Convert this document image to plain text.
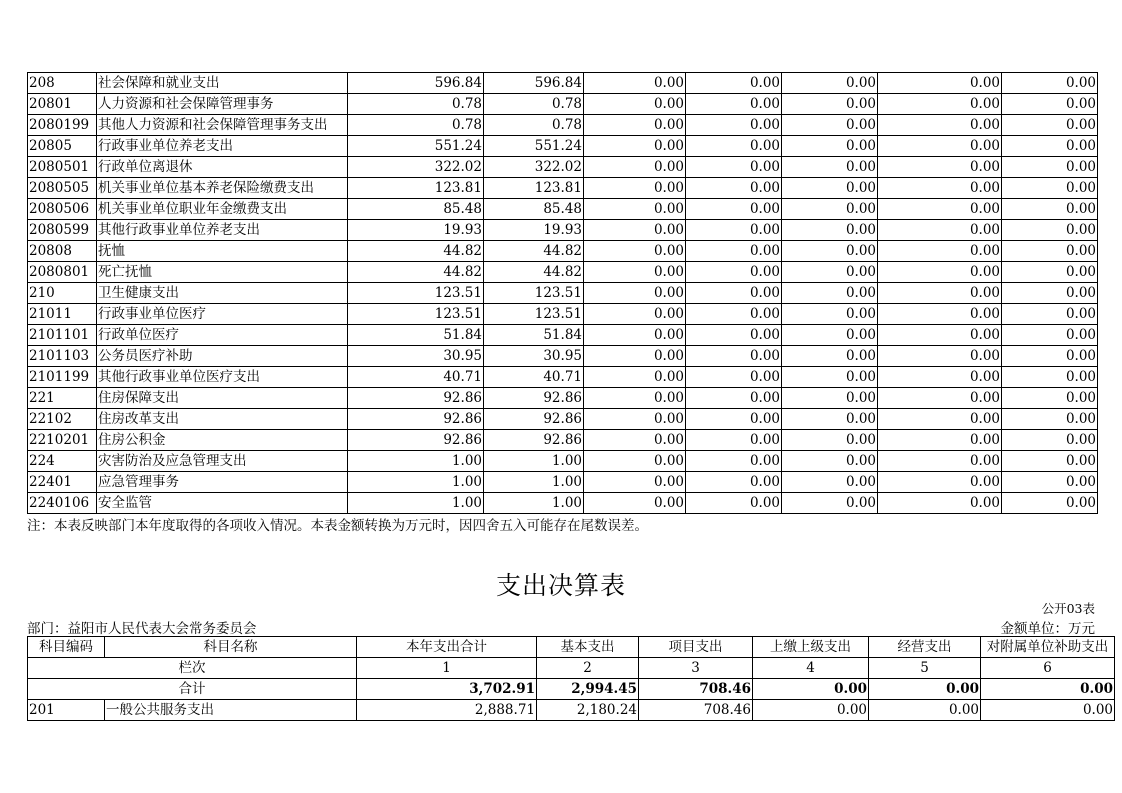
208	社会保障和就业支出	596.84	596.84	0.00	0.00	0.00	0.00	0.00
20801	人力资源和社会保障管理事务	0.78	0.78	0.00	0.00	0.00	0.00	0.00
2080199	其他人力资源和社会保障管理事务支出	0.78	0.78	0.00	0.00	0.00	0.00	0.00
20805	行政事业单位养老支出	551.24	551.24	0.00	0.00	0.00	0.00	0.00
2080501	行政单位离退休	322.02	322.02	0.00	0.00	0.00	0.00	0.00
2080505	机关事业单位基本养老保险缴费支出	123.81	123.81	0.00	0.00	0.00	0.00	0.00
2080506	机关事业单位职业年金缴费支出	85.48	85.48	0.00	0.00	0.00	0.00	0.00
2080599	其他行政事业单位养老支出	19.93	19.93	0.00	0.00	0.00	0.00	0.00
20808	抚恤	44.82	44.82	0.00	0.00	0.00	0.00	0.00
2080801	死亡抚恤	44.82	44.82	0.00	0.00	0.00	0.00	0.00
210	卫生健康支出	123.51	123.51	0.00	0.00	0.00	0.00	0.00
21011	行政事业单位医疗	123.51	123.51	0.00	0.00	0.00	0.00	0.00
2101101	行政单位医疗	51.84	51.84	0.00	0.00	0.00	0.00	0.00
2101103	公务员医疗补助	30.95	30.95	0.00	0.00	0.00	0.00	0.00
2101199	其他行政事业单位医疗支出	40.71	40.71	0.00	0.00	0.00	0.00	0.00
221	住房保障支出	92.86	92.86	0.00	0.00	0.00	0.00	0.00
22102	住房改革支出	92.86	92.86	0.00	0.00	0.00	0.00	0.00
2210201	住房公积金	92.86	92.86	0.00	0.00	0.00	0.00	0.00
224	灾害防治及应急管理支出	1.00	1.00	0.00	0.00	0.00	0.00	0.00
22401	应急管理事务	1.00	1.00	0.00	0.00	0.00	0.00	0.00
2240106	安全监管	1.00	1.00	0.00	0.00	0.00	0.00	0.00
注：本表反映部门本年度取得的各项收入情况。本表金额转换为万元时，因四舍五入可能存在尾数误差。
支出决算表
公开03表
部门：益阳市人民代表大会常务委员会	金额单位：万元
科目编码	科目名称	本年支出合计	基本支出	项目支出	上缴上级支出	经营支出	对附属单位补助支出
栏次		1	2	3	4	5	6
合计		3,702.91	2,994.45	708.46	0.00	0.00	0.00
201	一般公共服务支出	2,888.71	2,180.24	708.46	0.00	0.00	0.00
